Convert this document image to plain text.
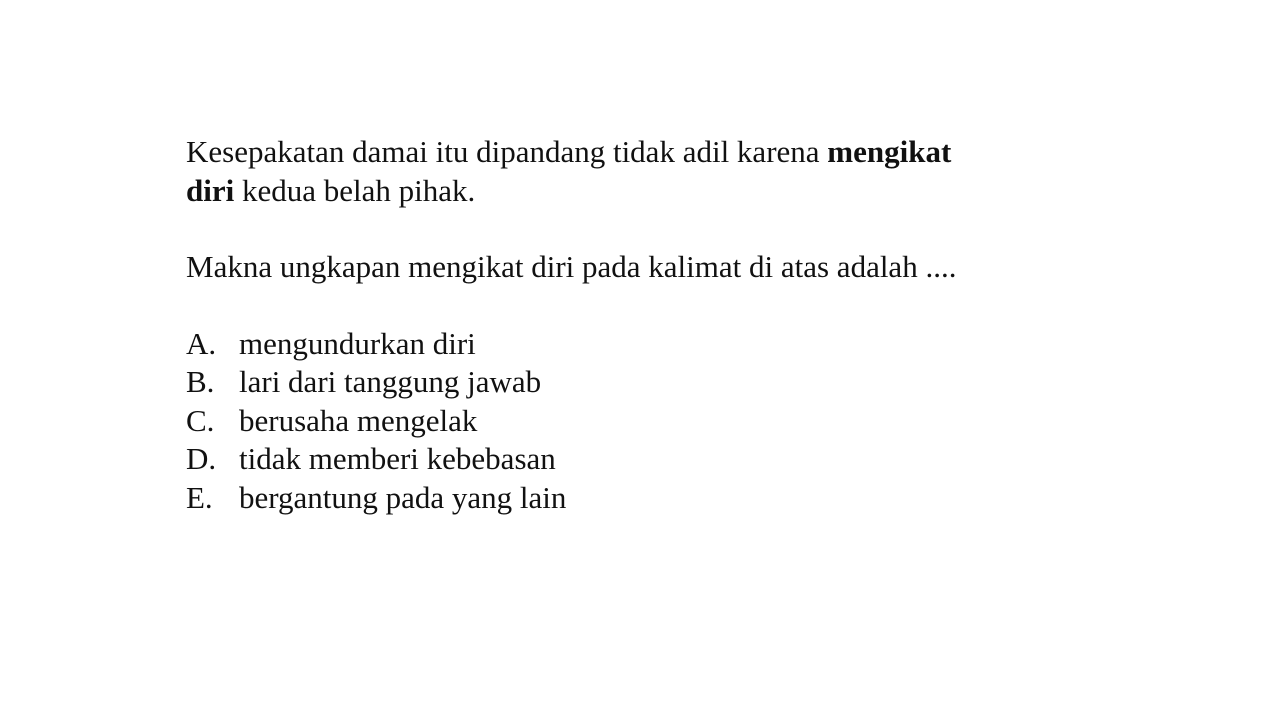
Kesepakatan damai itu dipandang tidak adil karena mengikat diri kedua belah pihak.

Makna ungkapan mengikat diri pada kalimat di atas adalah ....

A. mengundurkan diri
B. lari dari tanggung jawab
C. berusaha mengelak
D. tidak memberi kebebasan
E. bergantung pada yang lain
